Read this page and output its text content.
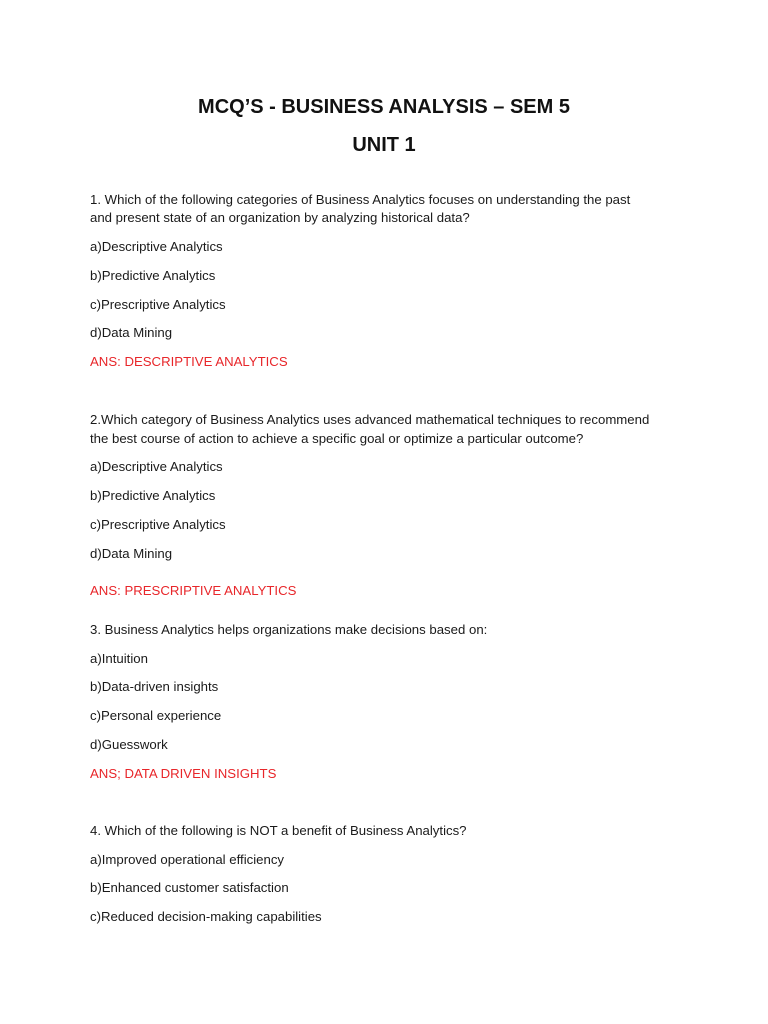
MCQ’S - BUSINESS ANALYSIS – SEM 5
UNIT 1
1. Which of the following categories of Business Analytics focuses on understanding the past
and present state of an organization by analyzing historical data?
a)Descriptive Analytics
b)Predictive Analytics
c)Prescriptive Analytics
d)Data Mining
ANS: DESCRIPTIVE ANALYTICS
2.Which category of Business Analytics uses advanced mathematical techniques to recommend
the best course of action to achieve a specific goal or optimize a particular outcome?
a)Descriptive Analytics
b)Predictive Analytics
c)Prescriptive Analytics
d)Data Mining
ANS: PRESCRIPTIVE ANALYTICS
3. Business Analytics helps organizations make decisions based on:
a)Intuition
b)Data-driven insights
c)Personal experience
d)Guesswork
ANS; DATA DRIVEN INSIGHTS
4. Which of the following is NOT a benefit of Business Analytics?
a)Improved operational efficiency
b)Enhanced customer satisfaction
c)Reduced decision-making capabilities
